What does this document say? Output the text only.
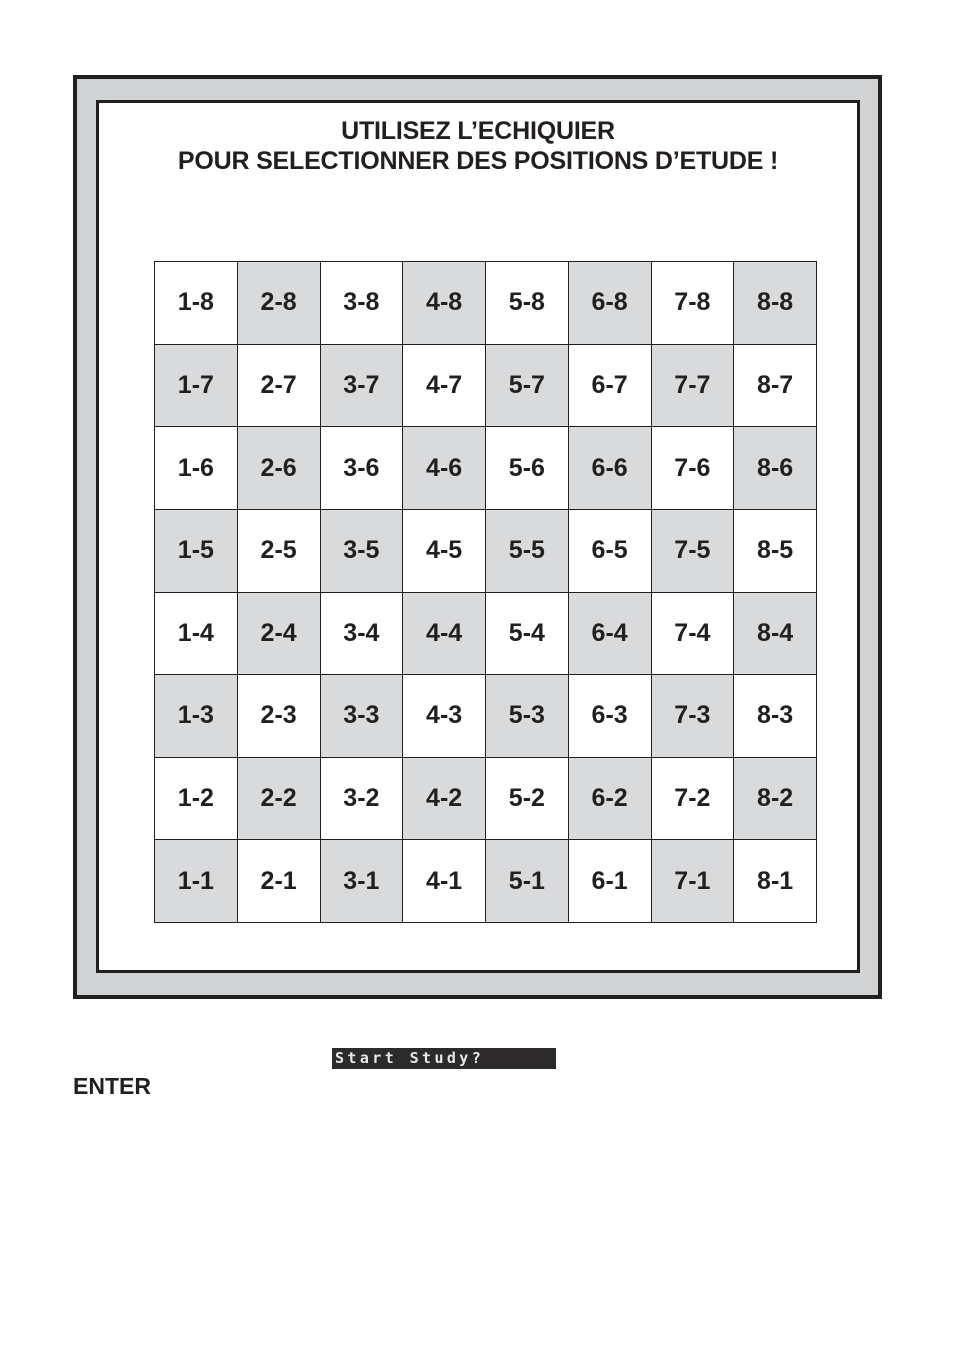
UTILISEZ L’ECHIQUIER
POUR SELECTIONNER DES POSITIONS D’ETUDE !
1-8	2-8	3-8	4-8	5-8	6-8	7-8	8-8
1-7	2-7	3-7	4-7	5-7	6-7	7-7	8-7
1-6	2-6	3-6	4-6	5-6	6-6	7-6	8-6
1-5	2-5	3-5	4-5	5-5	6-5	7-5	8-5
1-4	2-4	3-4	4-4	5-4	6-4	7-4	8-4
1-3	2-3	3-3	4-3	5-3	6-3	7-3	8-3
1-2	2-2	3-2	4-2	5-2	6-2	7-2	8-2
1-1	2-1	3-1	4-1	5-1	6-1	7-1	8-1
Start Study?
ENTER
